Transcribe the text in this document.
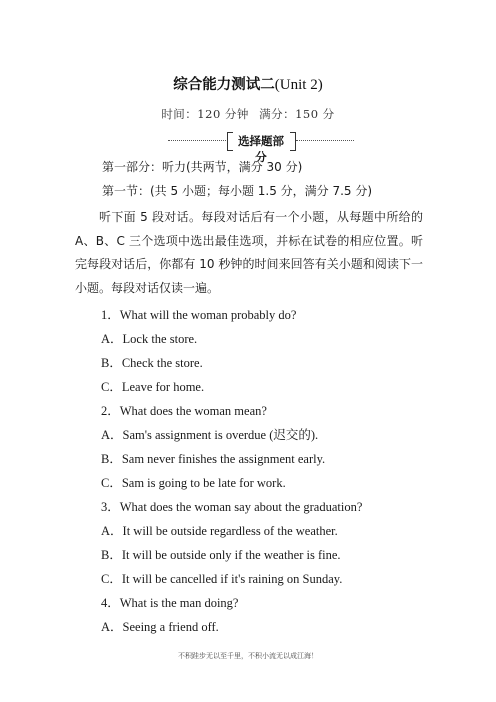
综合能力测试二(Unit 2)
时间：120 分钟 满分：150 分
选择题部分
第一部分：听力(共两节，满分 30 分)
第一节：(共 5 小题；每小题 1.5 分，满分 7.5 分)
听下面 5 段对话。每段对话后有一个小题，从每题中所给的 A、B、C 三个选项中选出最佳选项，并标在试卷的相应位置。听完每段对话后，你都有 10 秒钟的时间来回答有关小题和阅读下一小题。每段对话仅读一遍。
1．What will the woman probably do?
A．Lock the store.
B．Check the store.
C．Leave for home.
2．What does the woman mean?
A．Sam's assignment is overdue (迟交的).
B．Sam never finishes the assignment early.
C．Sam is going to be late for work.
3．What does the woman say about the graduation?
A．It will be outside regardless of the weather.
B．It will be outside only if the weather is fine.
C．It will be cancelled if it's raining on Sunday.
4．What is the man doing?
A．Seeing a friend off.
不积跬步无以至千里，不积小流无以成江海！
